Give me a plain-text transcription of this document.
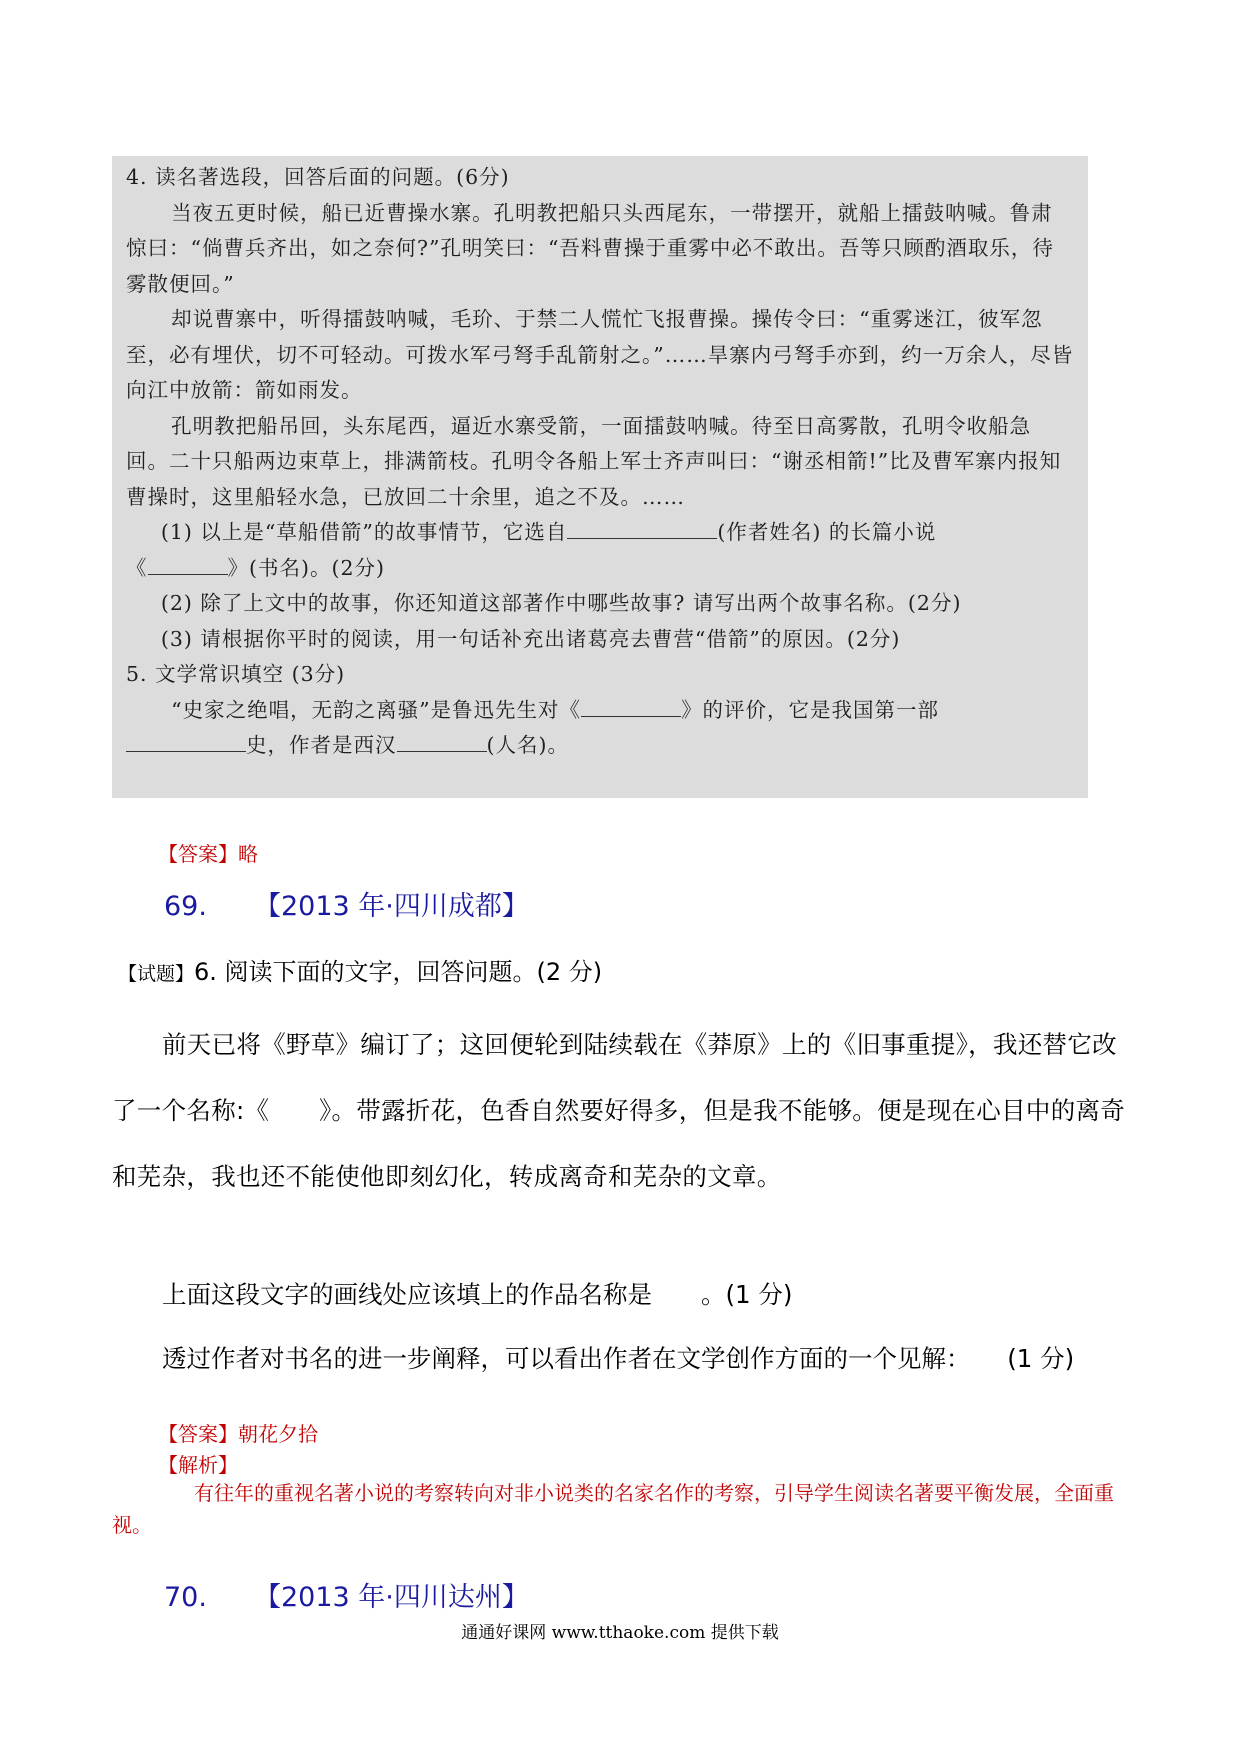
4. 读名著选段，回答后面的问题。(6分)

当夜五更时候，船已近曹操水寨。孔明教把船只头西尾东，一带摆开，就船上擂鼓呐喊。鲁肃惊曰：“倘曹兵齐出，如之奈何?”孔明笑曰：“吾料曹操于重雾中必不敢出。吾等只顾酌酒取乐，待雾散便回。”

却说曹寨中，听得擂鼓呐喊，毛玠、于禁二人慌忙飞报曹操。操传令曰：“重雾迷江，彼军忽至，必有埋伏，切不可轻动。可拨水军弓弩手乱箭射之。”……旱寨内弓弩手亦到，约一万余人，尽皆向江中放箭：箭如雨发。

孔明教把船吊回，头东尾西，逼近水寨受箭，一面擂鼓呐喊。待至日高雾散，孔明令收船急回。二十只船两边束草上，排满箭枝。孔明令各船上军士齐声叫曰：“谢丞相箭!”比及曹军寨内报知曹操时，这里船轻水急，已放回二十余里，追之不及。……

(1) 以上是“草船借箭”的故事情节，它选自	(作者姓名) 的长篇小说

《	》(书名)。(2分)

(2) 除了上文中的故事，你还知道这部著作中哪些故事? 请写出两个故事名称。(2分)

(3) 请根据你平时的阅读，用一句话补充出诸葛亮去曹营“借箭”的原因。(2分)

5. 文学常识填空 (3分)

“史家之绝唱，无韵之离骚”是鲁迅先生对《	》的评价，它是我国第一部

史，作者是西汉	(人名)。

【答案】略
69. 【2013 年·四川成都】
【试题】6. 阅读下面的文字，回答问题。(2 分)

前天已将《野草》编订了；这回便轮到陆续载在《莽原》上的《旧事重提》，我还替它改了一个名称:《　　》。带露折花，色香自然要好得多，但是我不能够。便是现在心目中的离奇和芜杂，我也还不能使他即刻幻化，转成离奇和芜杂的文章。

上面这段文字的画线处应该填上的作品名称是　　。(1 分)
透过作者对书名的进一步阐释，可以看出作者在文学创作方面的一个见解：　　(1 分)
【答案】朝花夕拾
【解析】

有往年的重视名著小说的考察转向对非小说类的名家名作的考察，引导学生阅读名著要平衡发展，全面重视。

70. 【2013 年·四川达州】
通通好课网 www.tthaoke.com 提供下载
